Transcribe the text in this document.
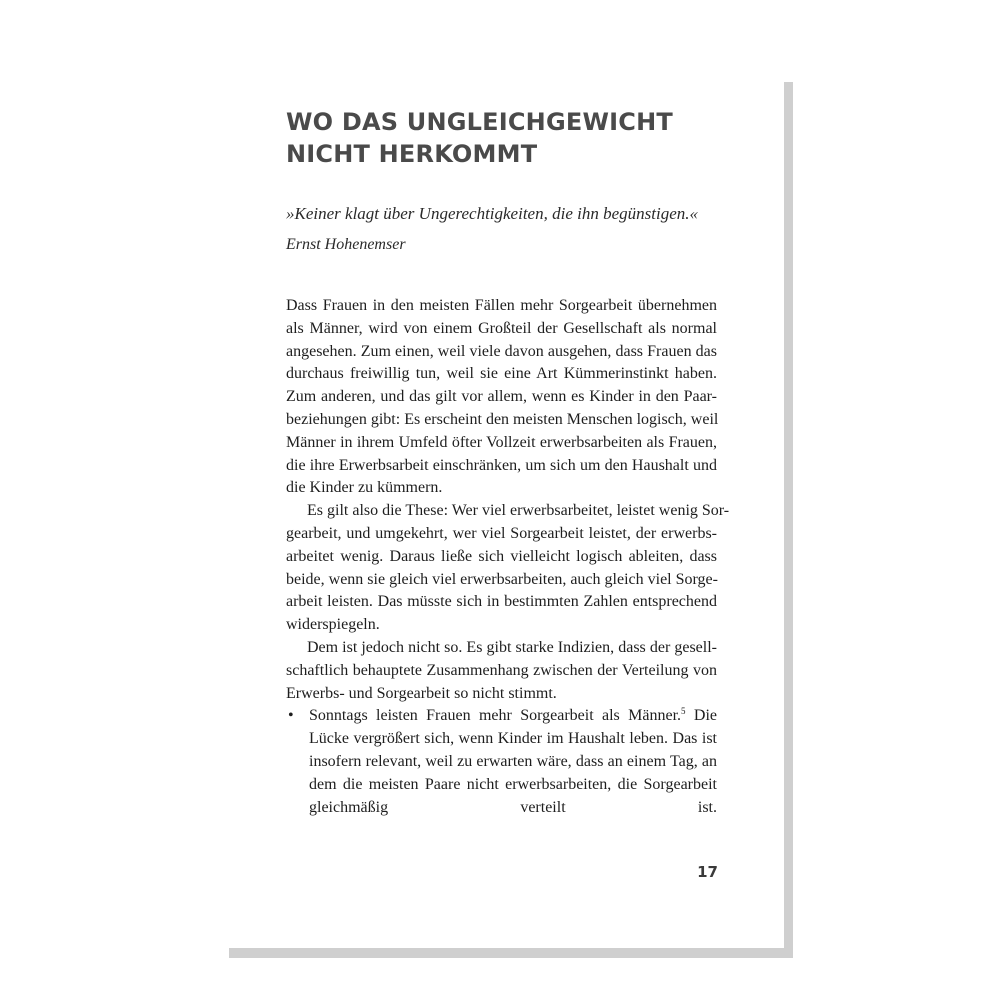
WO DAS UNGLEICHGEWICHT
NICHT HERKOMMT
»Keiner klagt über Ungerechtigkeiten, die ihn begünstigen.«
Ernst Hohenemser
Dass Frauen in den meisten Fällen mehr Sorgearbeit übernehmen
als Männer, wird von einem Großteil der Gesellschaft als normal
angesehen. Zum einen, weil viele davon ausgehen, dass Frauen das
durchaus freiwillig tun, weil sie eine Art Kümmerinstinkt haben.
Zum anderen, und das gilt vor allem, wenn es Kinder in den Paar-
beziehungen gibt: Es erscheint den meisten Menschen logisch, weil
Männer in ihrem Umfeld öfter Vollzeit erwerbsarbeiten als Frauen,
die ihre Erwerbsarbeit einschränken, um sich um den Haushalt und
die Kinder zu kümmern.
Es gilt also die These: Wer viel erwerbsarbeitet, leistet wenig Sor-
gearbeit, und umgekehrt, wer viel Sorgearbeit leistet, der erwerbs-
arbeitet wenig. Daraus ließe sich vielleicht logisch ableiten, dass
beide, wenn sie gleich viel erwerbsarbeiten, auch gleich viel Sorge-
arbeit leisten. Das müsste sich in bestimmten Zahlen entsprechend
widerspiegeln.
Dem ist jedoch nicht so. Es gibt starke Indizien, dass der gesell-
schaftlich behauptete Zusammenhang zwischen der Verteilung von
Erwerbs- und Sorgearbeit so nicht stimmt.
• Sonntags leisten Frauen mehr Sorgearbeit als Männer.$^5$ Die
Lücke vergrößert sich, wenn Kinder im Haushalt leben. Das ist
insofern relevant, weil zu erwarten wäre, dass an einem Tag, an
dem die meisten Paare nicht erwerbsarbeiten, die Sorgearbeit
gleichmäßig verteilt ist.
17
